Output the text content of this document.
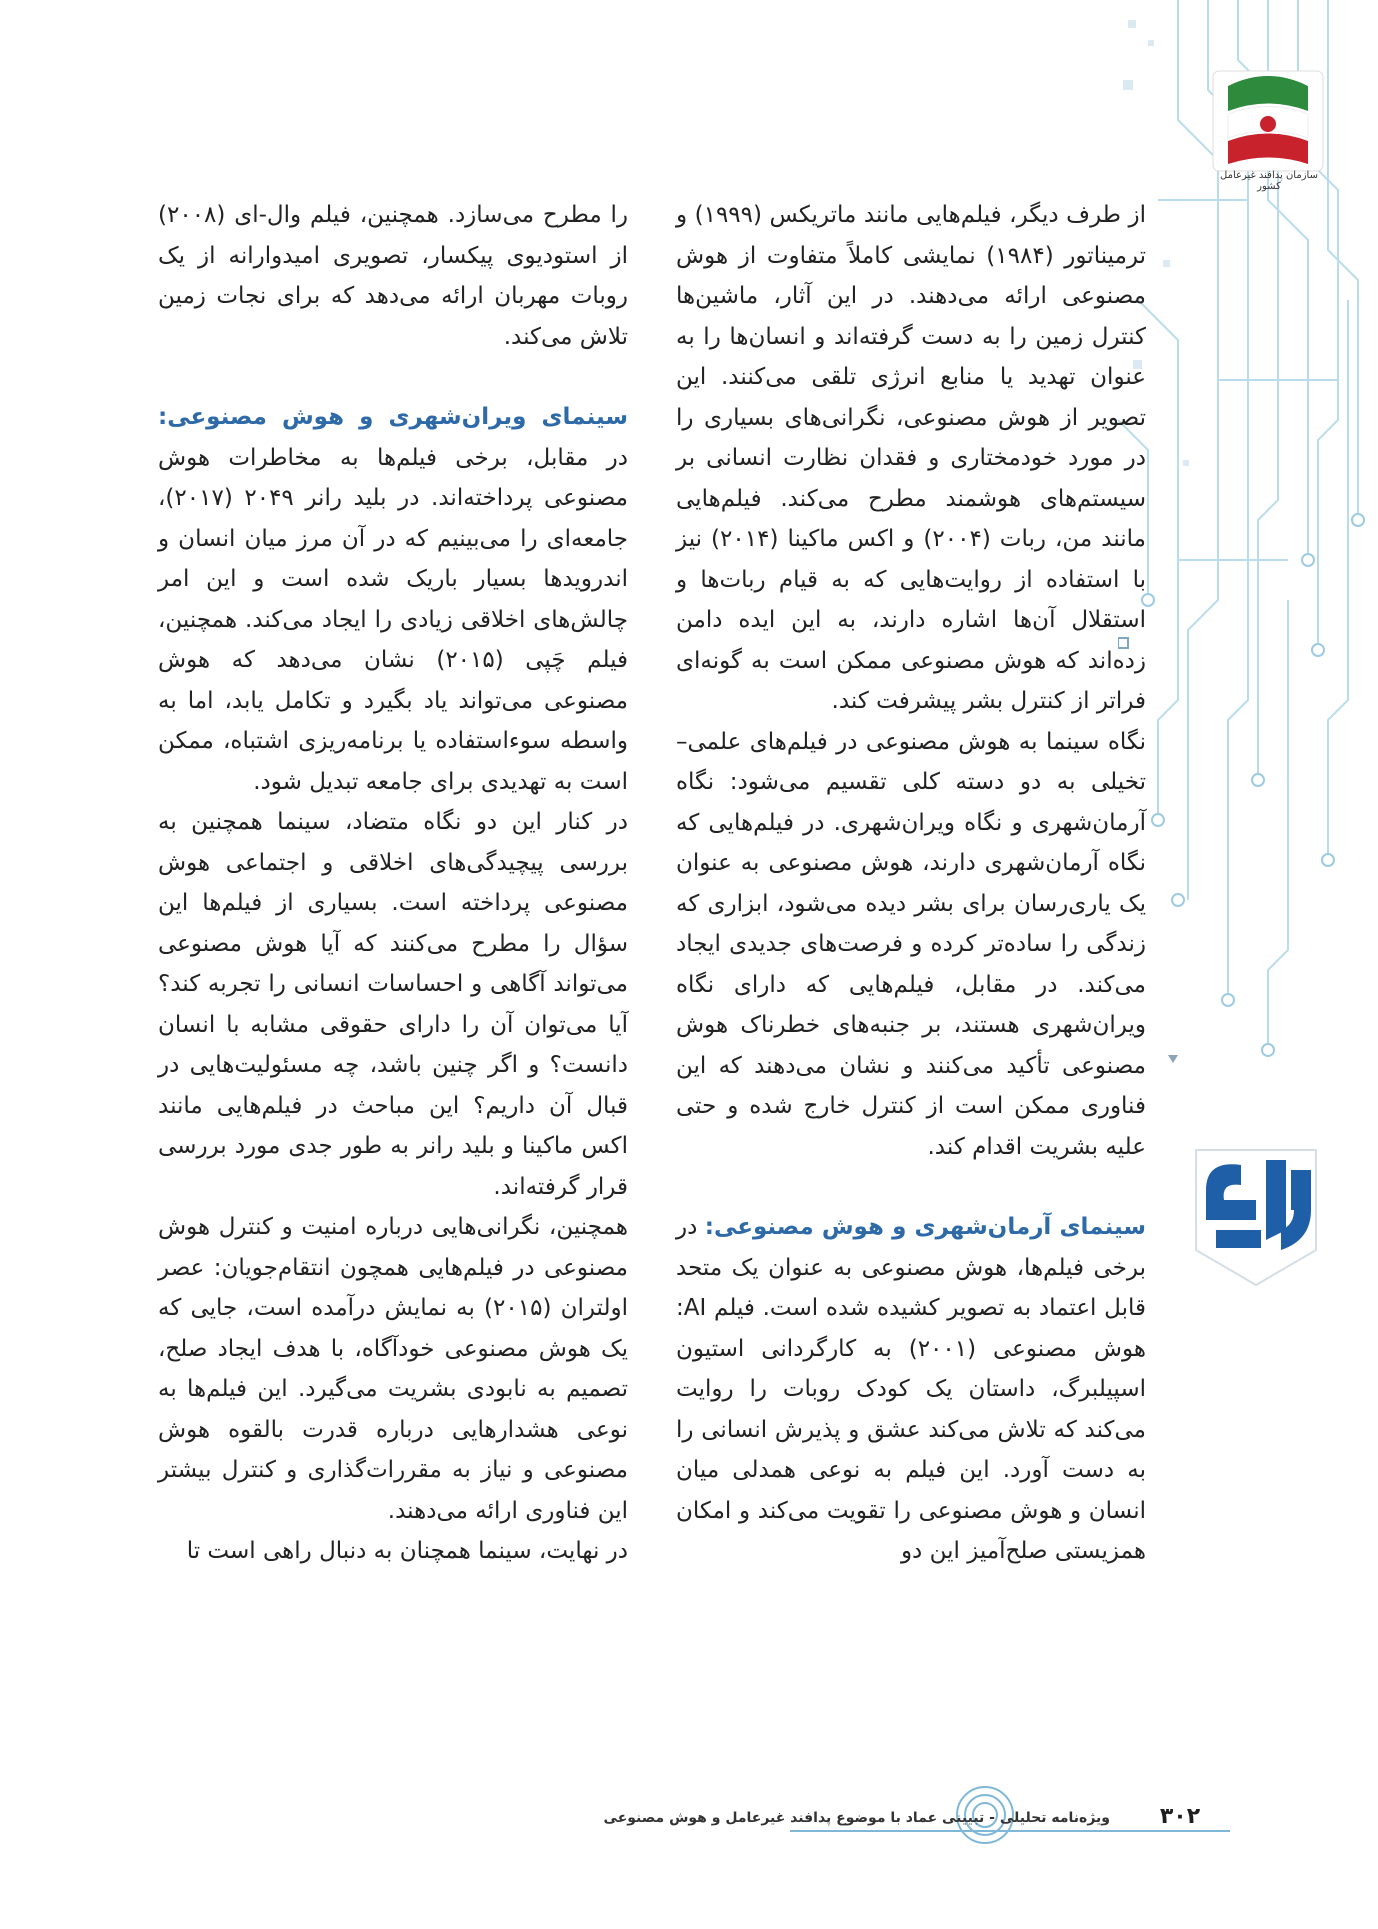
سازمان پدافند غیرعامل کشور

از طرف دیگر، فیلم‌هایی مانند ماتریکس (۱۹۹۹) و ترمیناتور (۱۹۸۴) نمایشی کاملاً متفاوت از هوش مصنوعی ارائه می‌دهند. در این آثار، ماشین‌ها کنترل زمین را به دست گرفته‌اند و انسان‌ها را به عنوان تهدید یا منابع انرژی تلقی می‌کنند. این تصویر از هوش مصنوعی، نگرانی‌های بسیاری را در مورد خودمختاری و فقدان نظارت انسانی بر سیستم‌های هوشمند مطرح می‌کند. فیلم‌هایی مانند من، ربات (۲۰۰۴) و اکس ماکینا (۲۰۱۴) نیز با استفاده از روایت‌هایی که به قیام ربات‌ها و استقلال آن‌ها اشاره دارند، به این ایده دامن زده‌اند که هوش مصنوعی ممکن است به گونه‌ای فراتر از کنترل بشر پیشرفت کند.

نگاه سینما به هوش مصنوعی در فیلم‌های علمی–تخیلی به دو دسته کلی تقسیم می‌شود: نگاه آرمان‌شهری و نگاه ویران‌شهری. در فیلم‌هایی که نگاه آرمان‌شهری دارند، هوش مصنوعی به عنوان یک یاری‌رسان برای بشر دیده می‌شود، ابزاری که زندگی را ساده‌تر کرده و فرصت‌های جدیدی ایجاد می‌کند. در مقابل، فیلم‌هایی که دارای نگاه ویران‌شهری هستند، بر جنبه‌های خطرناک هوش مصنوعی تأکید می‌کنند و نشان می‌دهند که این فناوری ممکن است از کنترل خارج شده و حتی علیه بشریت اقدام کند.

سینمای آرمان‌شهری و هوش مصنوعی: در برخی فیلم‌ها، هوش مصنوعی به عنوان یک متحد قابل اعتماد به تصویر کشیده شده است. فیلم AI: هوش مصنوعی (۲۰۰۱) به کارگردانی استیون اسپیلبرگ، داستان یک کودک روبات را روایت می‌کند که تلاش می‌کند عشق و پذیرش انسانی را به دست آورد. این فیلم به نوعی همدلی میان انسان و هوش مصنوعی را تقویت می‌کند و امکان همزیستی صلح‌آمیز این دو

را مطرح می‌سازد. همچنین، فیلم وال-ای (۲۰۰۸) از استودیوی پیکسار، تصویری امیدوارانه از یک روبات مهربان ارائه می‌دهد که برای نجات زمین تلاش می‌کند.

سینمای ویران‌شهری و هوش مصنوعی: در مقابل، برخی فیلم‌ها به مخاطرات هوش مصنوعی پرداخته‌اند. در بلید رانر ۲۰۴۹ (۲۰۱۷)، جامعه‌ای را می‌بینیم که در آن مرز میان انسان و اندرویدها بسیار باریک شده است و این امر چالش‌های اخلاقی زیادی را ایجاد می‌کند. همچنین، فیلم چَپی (۲۰۱۵) نشان می‌دهد که هوش مصنوعی می‌تواند یاد بگیرد و تکامل یابد، اما به واسطه سوءاستفاده یا برنامه‌ریزی اشتباه، ممکن است به تهدیدی برای جامعه تبدیل شود.

در کنار این دو نگاه متضاد، سینما همچنین به بررسی پیچیدگی‌های اخلاقی و اجتماعی هوش مصنوعی پرداخته است. بسیاری از فیلم‌ها این سؤال را مطرح می‌کنند که آیا هوش مصنوعی می‌تواند آگاهی و احساسات انسانی را تجربه کند؟ آیا می‌توان آن را دارای حقوقی مشابه با انسان دانست؟ و اگر چنین باشد، چه مسئولیت‌هایی در قبال آن داریم؟ این مباحث در فیلم‌هایی مانند اکس ماکینا و بلید رانر به طور جدی مورد بررسی قرار گرفته‌اند.

همچنین، نگرانی‌هایی درباره امنیت و کنترل هوش مصنوعی در فیلم‌هایی همچون انتقام‌جویان: عصر اولتران (۲۰۱۵) به نمایش درآمده است، جایی که یک هوش مصنوعی خودآگاه، با هدف ایجاد صلح، تصمیم به نابودی بشریت می‌گیرد. این فیلم‌ها به نوعی هشدارهایی درباره قدرت بالقوه هوش مصنوعی و نیاز به مقررات‌گذاری و کنترل بیشتر این فناوری ارائه می‌دهند.

در نهایت، سینما همچنان به دنبال راهی است تا

ویژه‌نامه تحلیلی - تبیینی عماد با موضوع پدافند غیرعامل و هوش مصنوعی	۳۰۲
